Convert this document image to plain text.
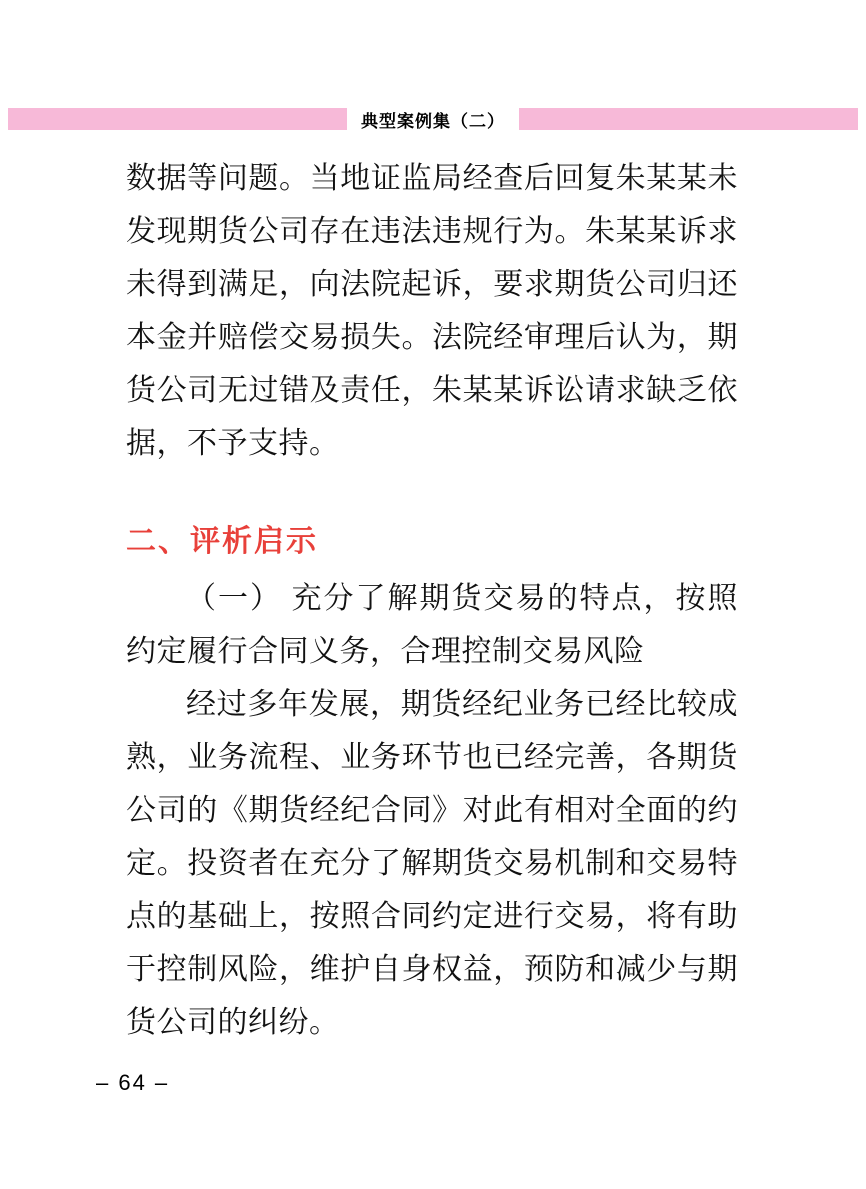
典型案例集（二）

数据等问题。当地证监局经查后回复朱某某未发现期货公司存在违法违规行为。朱某某诉求未得到满足，向法院起诉，要求期货公司归还本金并赔偿交易损失。法院经审理后认为，期货公司无过错及责任，朱某某诉讼请求缺乏依据，不予支持。

二、评析启示

（一） 充分了解期货交易的特点，按照约定履行合同义务，合理控制交易风险

经过多年发展，期货经纪业务已经比较成熟，业务流程、业务环节也已经完善，各期货公司的《期货经纪合同》对此有相对全面的约定。投资者在充分了解期货交易机制和交易特点的基础上，按照合同约定进行交易，将有助于控制风险，维护自身权益，预防和减少与期货公司的纠纷。

– 64 –
